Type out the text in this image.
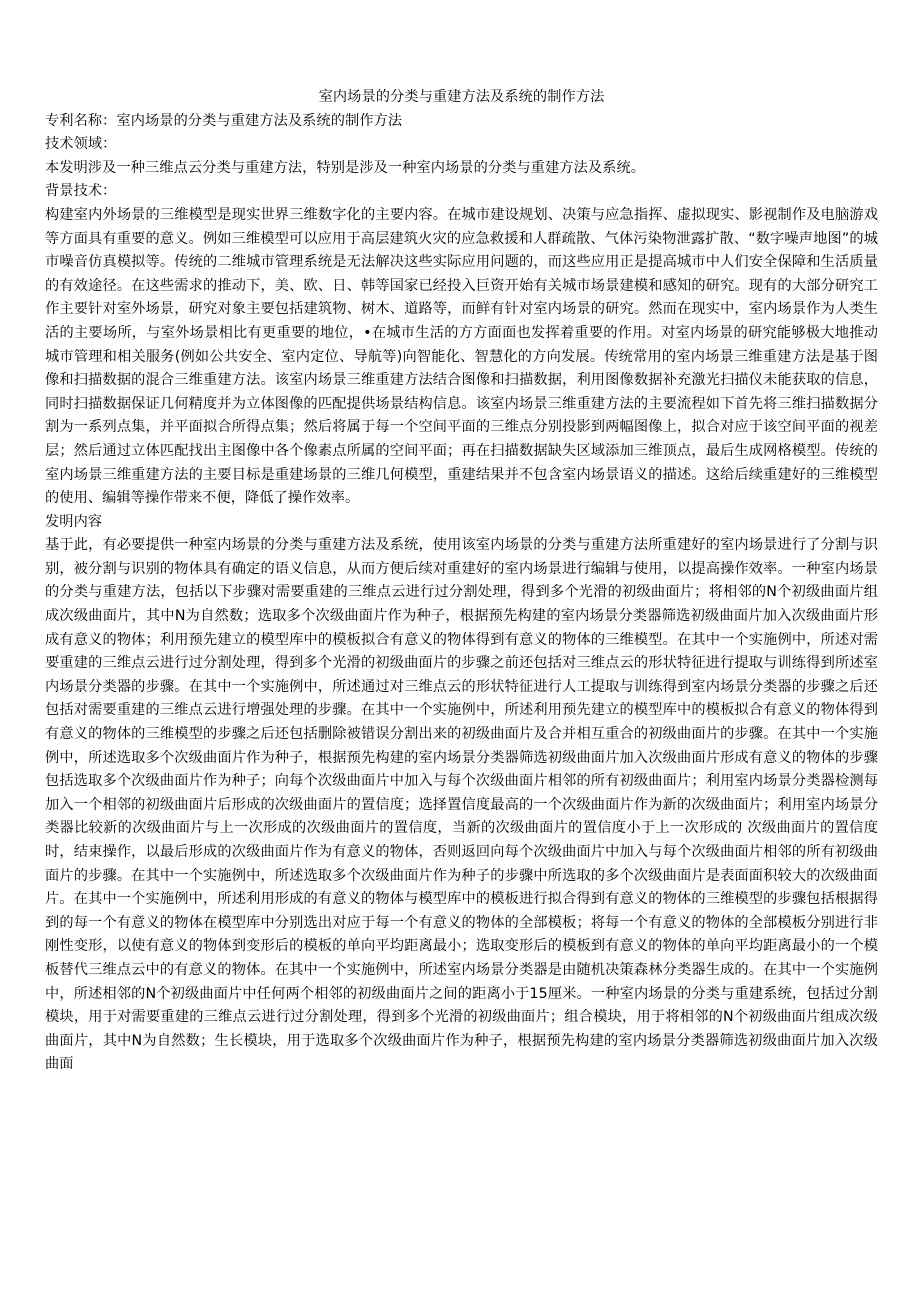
室内场景的分类与重建方法及系统的制作方法

专利名称：室内场景的分类与重建方法及系统的制作方法

技术领域：

本发明涉及一种三维点云分类与重建方法，特别是涉及一种室内场景的分类与重建方法及系统。

背景技术：

构建室内外场景的三维模型是现实世界三维数字化的主要内容。在城市建设规划、决策与应急指挥、虚拟现实、影视制作及电脑游戏等方面具有重要的意义。例如三维模型可以应用于高层建筑火灾的应急救援和人群疏散、气体污染物泄露扩散、“数字噪声地图”的城市噪音仿真模拟等。传统的二维城市管理系统是无法解决这些实际应用问题的，而这些应用正是提高城市中人们安全保障和生活质量的有效途径。在这些需求的推动下，美、欧、日、韩等国家已经投入巨资开始有关城市场景建模和感知的研究。现有的大部分研究工作主要针对室外场景，研究对象主要包括建筑物、树木、道路等，而鲜有针对室内场景的研究。然而在现实中，室内场景作为人类生活的主要场所，与室外场景相比有更重要的地位，•在城市生活的方方面面也发挥着重要的作用。对室内场景的研究能够极大地推动城市管理和相关服务(例如公共安全、室内定位、导航等)向智能化、智慧化的方向发展。传统常用的室内场景三维重建方法是基于图像和扫描数据的混合三维重建方法。该室内场景三维重建方法结合图像和扫描数据，利用图像数据补充激光扫描仪未能获取的信息，同时扫描数据保证几何精度并为立体图像的匹配提供场景结构信息。该室内场景三维重建方法的主要流程如下首先将三维扫描数据分割为一系列点集，并平面拟合所得点集；然后将属于每一个空间平面的三维点分别投影到两幅图像上，拟合对应于该空间平面的视差层；然后通过立体匹配找出主图像中各个像素点所属的空间平面；再在扫描数据缺失区域添加三维顶点，最后生成网格模型。传统的室内场景三维重建方法的主要目标是重建场景的三维几何模型，重建结果并不包含室内场景语义的描述。这给后续重建好的三维模型的使用、编辑等操作带来不便，降低了操作效率。

发明内容

基于此，有必要提供一种室内场景的分类与重建方法及系统，使用该室内场景的分类与重建方法所重建好的室内场景进行了分割与识别，被分割与识别的物体具有确定的语义信息，从而方便后续对重建好的室内场景进行编辑与使用，以提高操作效率。一种室内场景的分类与重建方法，包括以下步骤对需要重建的三维点云进行过分割处理，得到多个光滑的初级曲面片；将相邻的N个初级曲面片组成次级曲面片，其中N为自然数；选取多个次级曲面片作为种子，根据预先构建的室内场景分类器筛选初级曲面片加入次级曲面片形成有意义的物体；利用预先建立的模型库中的模板拟合有意义的物体得到有意义的物体的三维模型。在其中一个实施例中，所述对需要重建的三维点云进行过分割处理，得到多个光滑的初级曲面片的步骤之前还包括对三维点云的形状特征进行提取与训练得到所述室内场景分类器的步骤。在其中一个实施例中，所述通过对三维点云的形状特征进行人工提取与训练得到室内场景分类器的步骤之后还包括对需要重建的三维点云进行增强处理的步骤。在其中一个实施例中，所述利用预先建立的模型库中的模板拟合有意义的物体得到有意义的物体的三维模型的步骤之后还包括删除被错误分割出来的初级曲面片及合并相互重合的初级曲面片的步骤。在其中一个实施例中，所述选取多个次级曲面片作为种子，根据预先构建的室内场景分类器筛选初级曲面片加入次级曲面片形成有意义的物体的步骤包括选取多个次级曲面片作为种子；向每个次级曲面片中加入与每个次级曲面片相邻的所有初级曲面片；利用室内场景分类器检测每加入一个相邻的初级曲面片后形成的次级曲面片的置信度；选择置信度最高的一个次级曲面片作为新的次级曲面片；利用室内场景分类器比较新的次级曲面片与上一次形成的次级曲面片的置信度，当新的次级曲面片的置信度小于上一次形成的 次级曲面片的置信度时，结束操作，以最后形成的次级曲面片作为有意义的物体，否则返回向每个次级曲面片中加入与每个次级曲面片相邻的所有初级曲面片的步骤。在其中一个实施例中，所述选取多个次级曲面片作为种子的步骤中所选取的多个次级曲面片是表面面积较大的次级曲面片。在其中一个实施例中，所述利用形成的有意义的物体与模型库中的模板进行拟合得到有意义的物体的三维模型的步骤包括根据得到的每一个有意义的物体在模型库中分别选出对应于每一个有意义的物体的全部模板；将每一个有意义的物体的全部模板分别进行非刚性变形，以使有意义的物体到变形后的模板的单向平均距离最小；选取变形后的模板到有意义的物体的单向平均距离最小的一个模板替代三维点云中的有意义的物体。在其中一个实施例中，所述室内场景分类器是由随机决策森林分类器生成的。在其中一个实施例中，所述相邻的N个初级曲面片中任何两个相邻的初级曲面片之间的距离小于15厘米。一种室内场景的分类与重建系统，包括过分割模块，用于对需要重建的三维点云进行过分割处理，得到多个光滑的初级曲面片；组合模块，用于将相邻的N个初级曲面片组成次级曲面片，其中N为自然数；生长模块，用于选取多个次级曲面片作为种子，根据预先构建的室内场景分类器筛选初级曲面片加入次级曲面
